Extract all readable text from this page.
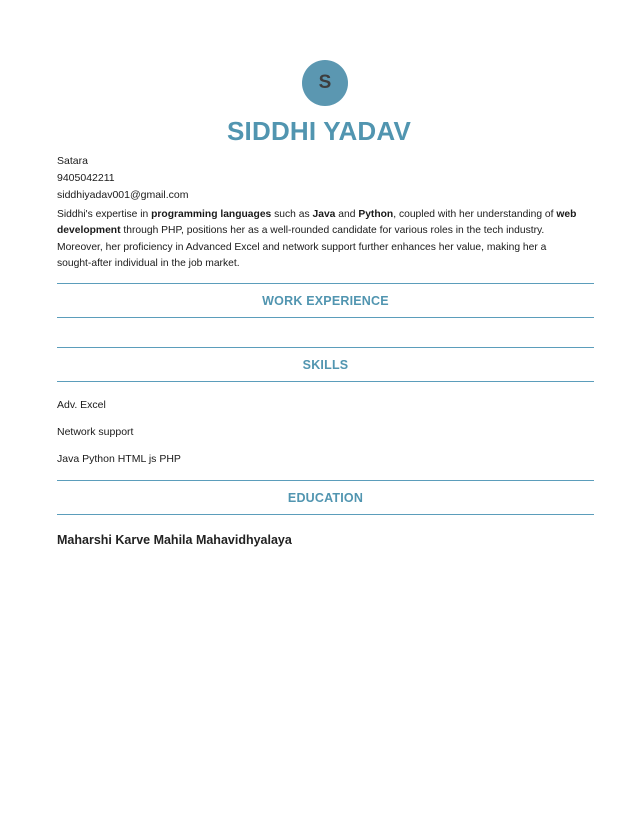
S
SIDDHI YADAV
Satara
9405042211
siddhiyadav001@gmail.com

Siddhi's expertise in programming languages such as Java and Python, coupled with her understanding of web development through PHP, positions her as a well-rounded candidate for various roles in the tech industry. Moreover, her proficiency in Advanced Excel and network support further enhances her value, making her a sought-after individual in the job market.

WORK EXPERIENCE
SKILLS
Adv. Excel
Network support
Java Python HTML js PHP
EDUCATION
Maharshi Karve Mahila Mahavidhyalaya
